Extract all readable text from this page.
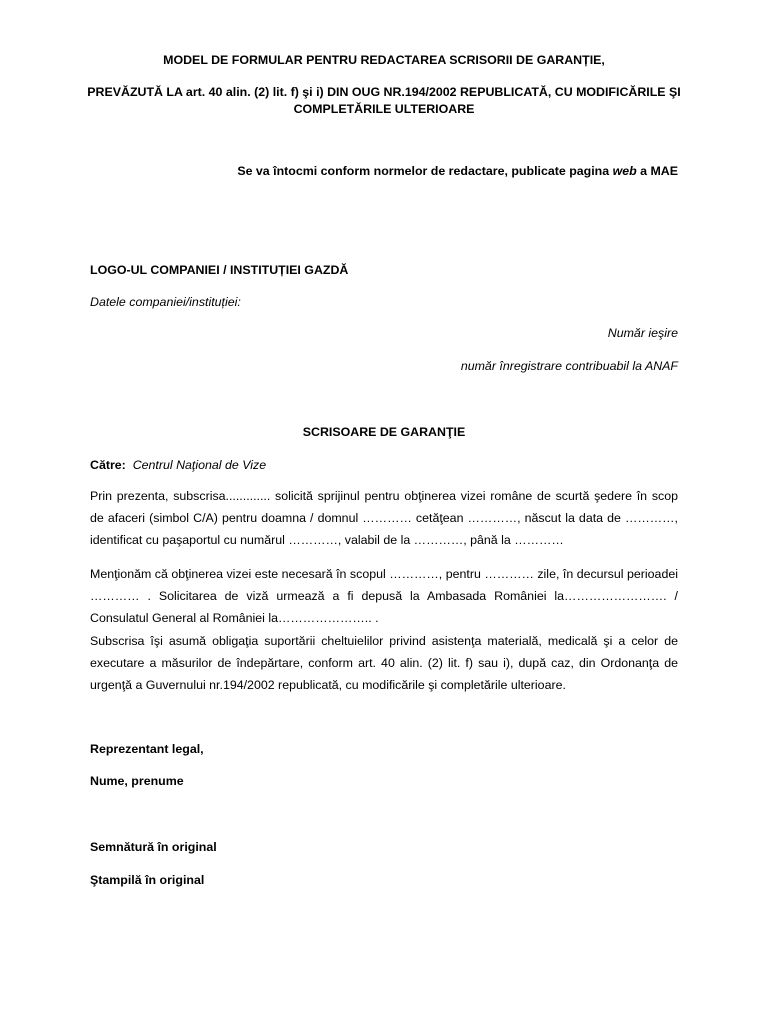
MODEL DE FORMULAR PENTRU REDACTAREA SCRISORII DE GARANȚIE,
PREVĂZUTĂ LA art. 40 alin. (2) lit. f) şi i) DIN OUG NR.194/2002 REPUBLICATĂ, CU MODIFICĂRILE ŞI
COMPLETĂRILE ULTERIOARE
Se va întocmi conform normelor de redactare, publicate pagina web a MAE
LOGO-UL COMPANIEI / INSTITUȚIEI GAZDĂ
Datele companiei/instituției:
Număr ieşire
număr înregistrare contribuabil la ANAF
SCRISOARE DE GARANŢIE
Către: Centrul Naţional de Vize
Prin prezenta, subscrisa............. solicită sprijinul pentru obţinerea vizei române de scurtă şedere în scop de afaceri (simbol C/A) pentru doamna / domnul ………… cetăţean …………, născut la data de …………, identificat cu paşaportul cu numărul …………, valabil de la …………, până la …………
Menţionăm că obţinerea vizei este necesară în scopul …………, pentru ………… zile, în decursul perioadei ………… . Solicitarea de viză urmează a fi depusă la Ambasada României la……………………. / Consulatul General al României la………………….. .
Subscrisa îşi asumă obligaţia suportării cheltuielilor privind asistenţa materială, medicală şi a celor de executare a măsurilor de îndepărtare, conform art. 40 alin. (2) lit. f) sau i), după caz, din Ordonanţa de urgenţă a Guvernului nr.194/2002 republicată, cu modificările şi completările ulterioare.
Reprezentant legal,
Nume, prenume
Semnătură în original
Ştampilă în original
